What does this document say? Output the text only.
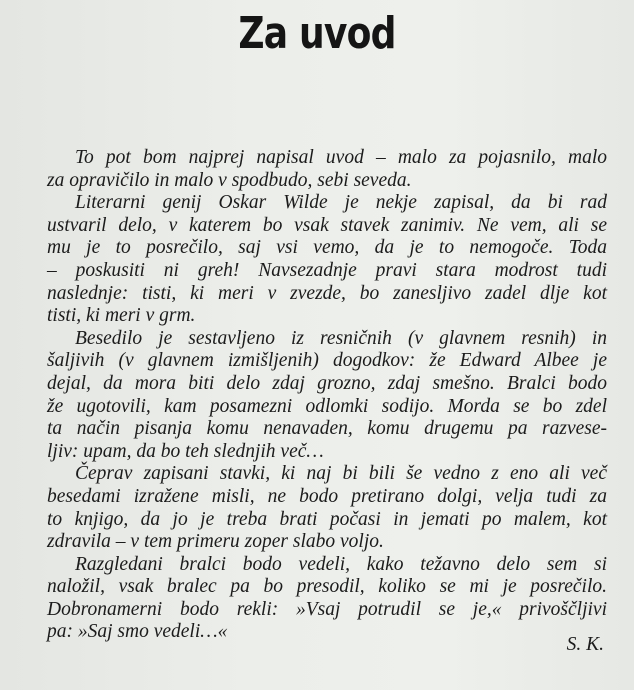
Za uvod
To pot bom najprej napisal uvod – malo za pojasnilo, malo
za opravičilo in malo v spodbudo, sebi seveda.
Literarni genij Oskar Wilde je nekje zapisal, da bi rad
ustvaril delo, v katerem bo vsak stavek zanimiv. Ne vem, ali se
mu je to posrečilo, saj vsi vemo, da je to nemogoče. Toda
– poskusiti ni greh! Navsezadnje pravi stara modrost tudi
naslednje: tisti, ki meri v zvezde, bo zanesljivo zadel dlje kot
tisti, ki meri v grm.
Besedilo je sestavljeno iz resničnih (v glavnem resnih) in
šaljivih (v glavnem izmišljenih) dogodkov: že Edward Albee je
dejal, da mora biti delo zdaj grozno, zdaj smešno. Bralci bodo
že ugotovili, kam posamezni odlomki sodijo. Morda se bo zdel
ta način pisanja komu nenavaden, komu drugemu pa razvese-
ljiv: upam, da bo teh slednjih več…
Čeprav zapisani stavki, ki naj bi bili še vedno z eno ali več
besedami izražene misli, ne bodo pretirano dolgi, velja tudi za
to knjigo, da jo je treba brati počasi in jemati po malem, kot
zdravila – v tem primeru zoper slabo voljo.
Razgledani bralci bodo vedeli, kako težavno delo sem si
naložil, vsak bralec pa bo presodil, koliko se mi je posrečilo.
Dobronamerni bodo rekli: »Vsaj potrudil se je,« privoščljivi
pa: »Saj smo vedeli…«
S. K.
